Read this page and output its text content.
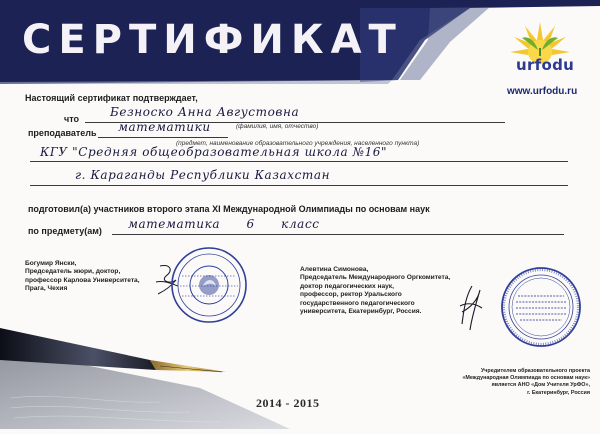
СЕРТИФИКАТ
urfodu
www.urfodu.ru
Настоящий сертификат подтверждает,
что	Безноско Анна Августовна
(фамилия, имя, отчество)
преподаватель математики
(предмет, наименование образовательного учреждения, населенного пункта)
КГУ "Средняя общеобразовательная школа №16"
г. Караганды Республики Казахстан
подготовил(а) участников второго этапа XI Международной Олимпиады по основам наук
по предмету(ам) математика 6 класс
Богумир Янски,
Председатель жюри, доктор,
профессор Карлова Университета,
Прага, Чехия
Алевтина Симонова,
Председатель Международного Оргкомитета,
доктор педагогических наук,
профессор, ректор Уральского
государственного педагогического
университета, Екатеринбург, Россия.
Учредителем образовательного проекта
«Международная Олимпиада по основам наук»
является АНО «Дом Учителя УрФО»,
г. Екатеринбург, Россия
2014 - 2015
